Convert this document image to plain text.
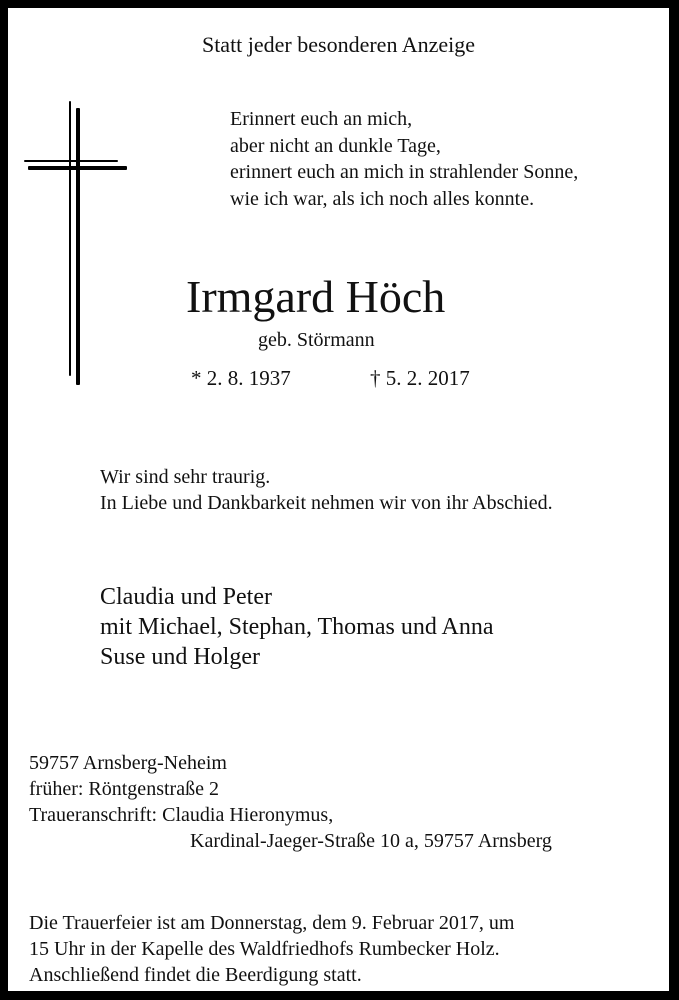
Statt jeder besonderen Anzeige
Erinnert euch an mich,
aber nicht an dunkle Tage,
erinnert euch an mich in strahlender Sonne,
wie ich war, als ich noch alles konnte.
Irmgard Höch
geb. Störmann
* 2. 8. 1937	† 5. 2. 2017
Wir sind sehr traurig.
In Liebe und Dankbarkeit nehmen wir von ihr Abschied.
Claudia und Peter
mit Michael, Stephan, Thomas und Anna
Suse und Holger
59757 Arnsberg-Neheim
früher: Röntgenstraße 2
Traueranschrift: Claudia Hieronymus,
Kardinal-Jaeger-Straße 10 a, 59757 Arnsberg
Die Trauerfeier ist am Donnerstag, dem 9. Februar 2017, um
15 Uhr in der Kapelle des Waldfriedhofs Rumbecker Holz.
Anschließend findet die Beerdigung statt.
